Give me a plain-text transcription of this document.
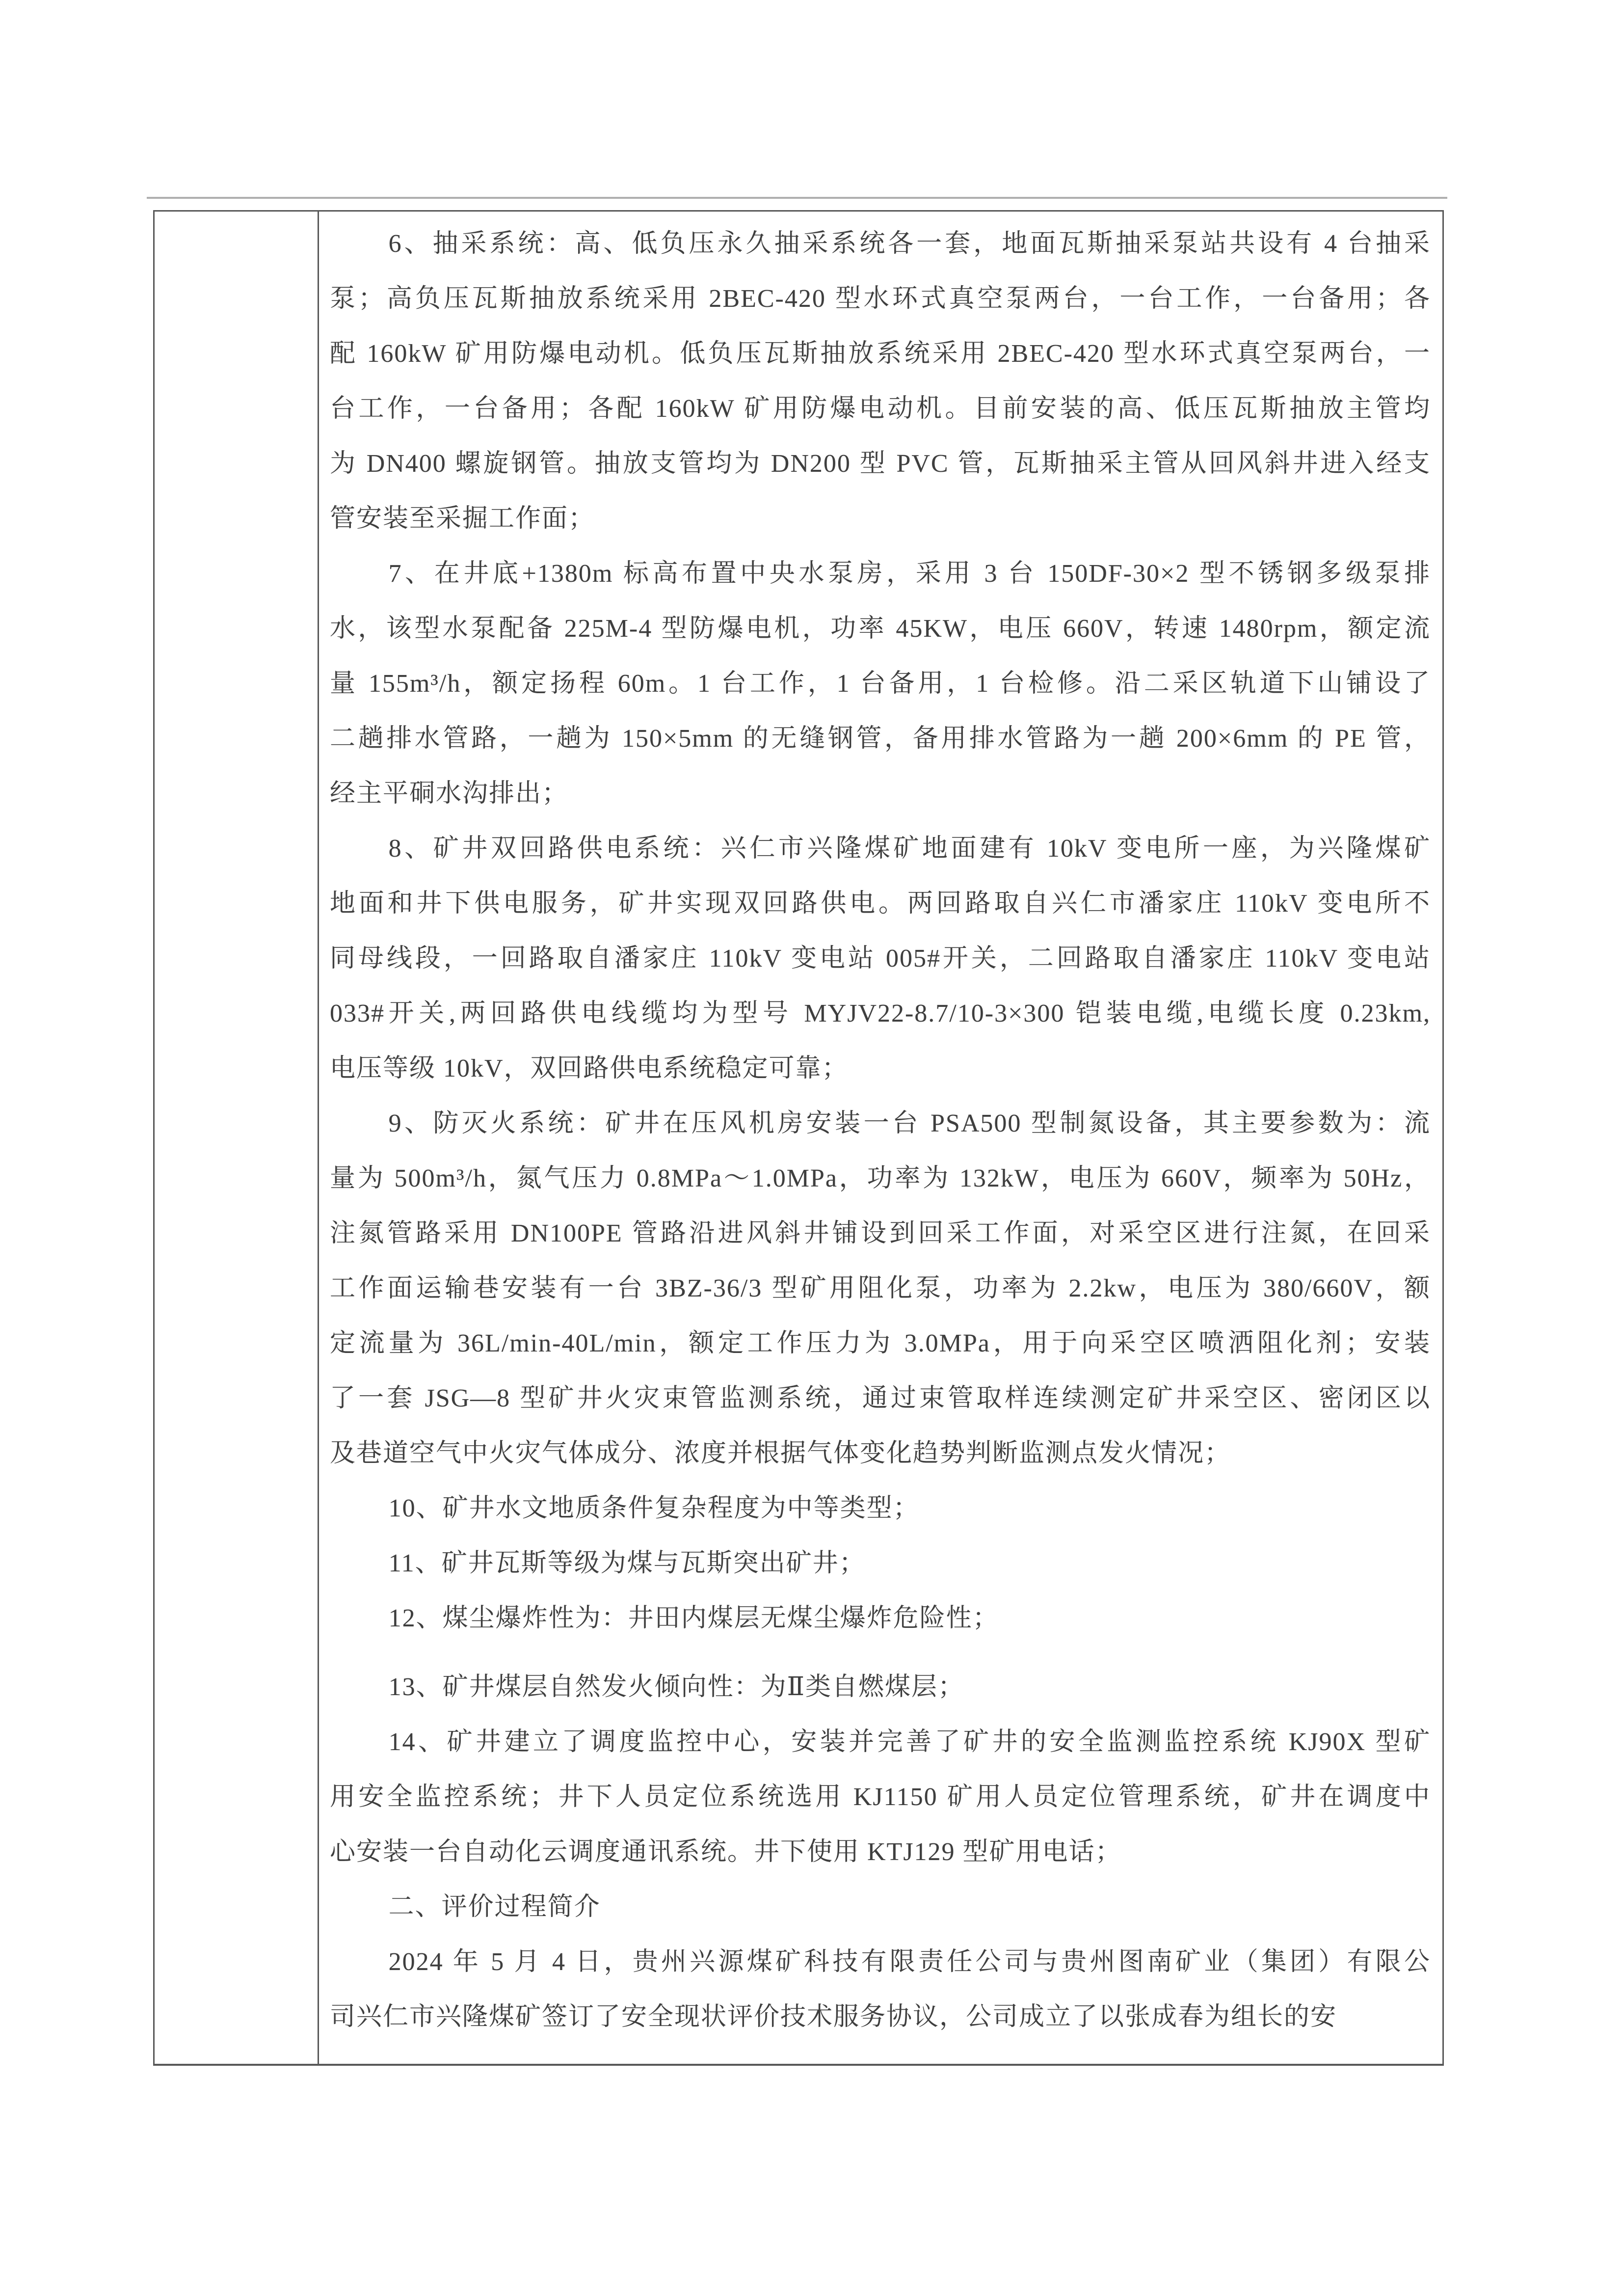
6、抽采系统：高、低负压永久抽采系统各一套，地面瓦斯抽采泵站共设有 4 台抽采
泵；高负压瓦斯抽放系统采用 2BEC-420 型水环式真空泵两台，一台工作，一台备用；各
配 160kW 矿用防爆电动机。低负压瓦斯抽放系统采用 2BEC-420 型水环式真空泵两台，一
台工作，一台备用；各配 160kW 矿用防爆电动机。目前安装的高、低压瓦斯抽放主管均
为 DN400 螺旋钢管。抽放支管均为 DN200 型 PVC 管，瓦斯抽采主管从回风斜井进入经支
管安装至采掘工作面；
7、在井底+1380m 标高布置中央水泵房，采用 3 台 150DF-30×2 型不锈钢多级泵排
水，该型水泵配备 225M-4 型防爆电机，功率 45KW，电压 660V，转速 1480rpm，额定流
量 155m³/h，额定扬程 60m。1 台工作，1 台备用，1 台检修。沿二采区轨道下山铺设了
二趟排水管路，一趟为 150×5mm 的无缝钢管，备用排水管路为一趟 200×6mm 的 PE 管，
经主平硐水沟排出；
8、矿井双回路供电系统：兴仁市兴隆煤矿地面建有 10kV 变电所一座，为兴隆煤矿
地面和井下供电服务，矿井实现双回路供电。两回路取自兴仁市潘家庄 110kV 变电所不
同母线段，一回路取自潘家庄 110kV 变电站 005#开关，二回路取自潘家庄 110kV 变电站
033#开关,两回路供电线缆均为型号 MYJV22-8.7/10-3×300 铠装电缆,电缆长度 0.23km,
电压等级 10kV，双回路供电系统稳定可靠；
9、防灭火系统：矿井在压风机房安装一台 PSA500 型制氮设备，其主要参数为：流
量为 500m³/h，氮气压力 0.8MPa～1.0MPa，功率为 132kW，电压为 660V，频率为 50Hz，
注氮管路采用 DN100PE 管路沿进风斜井铺设到回采工作面，对采空区进行注氮，在回采
工作面运输巷安装有一台 3BZ-36/3 型矿用阻化泵，功率为 2.2kw，电压为 380/660V，额
定流量为 36L/min-40L/min，额定工作压力为 3.0MPa，用于向采空区喷洒阻化剂；安装
了一套 JSG—8 型矿井火灾束管监测系统，通过束管取样连续测定矿井采空区、密闭区以
及巷道空气中火灾气体成分、浓度并根据气体变化趋势判断监测点发火情况；
10、矿井水文地质条件复杂程度为中等类型；
11、矿井瓦斯等级为煤与瓦斯突出矿井；
12、煤尘爆炸性为：井田内煤层无煤尘爆炸危险性；
13、矿井煤层自然发火倾向性：为Ⅱ类自燃煤层；
14、矿井建立了调度监控中心，安装并完善了矿井的安全监测监控系统 KJ90X 型矿
用安全监控系统；井下人员定位系统选用 KJ1150 矿用人员定位管理系统，矿井在调度中
心安装一台自动化云调度通讯系统。井下使用 KTJ129 型矿用电话；
二、评价过程简介
2024 年 5 月 4 日，贵州兴源煤矿科技有限责任公司与贵州图南矿业（集团）有限公
司兴仁市兴隆煤矿签订了安全现状评价技术服务协议，公司成立了以张成春为组长的安
